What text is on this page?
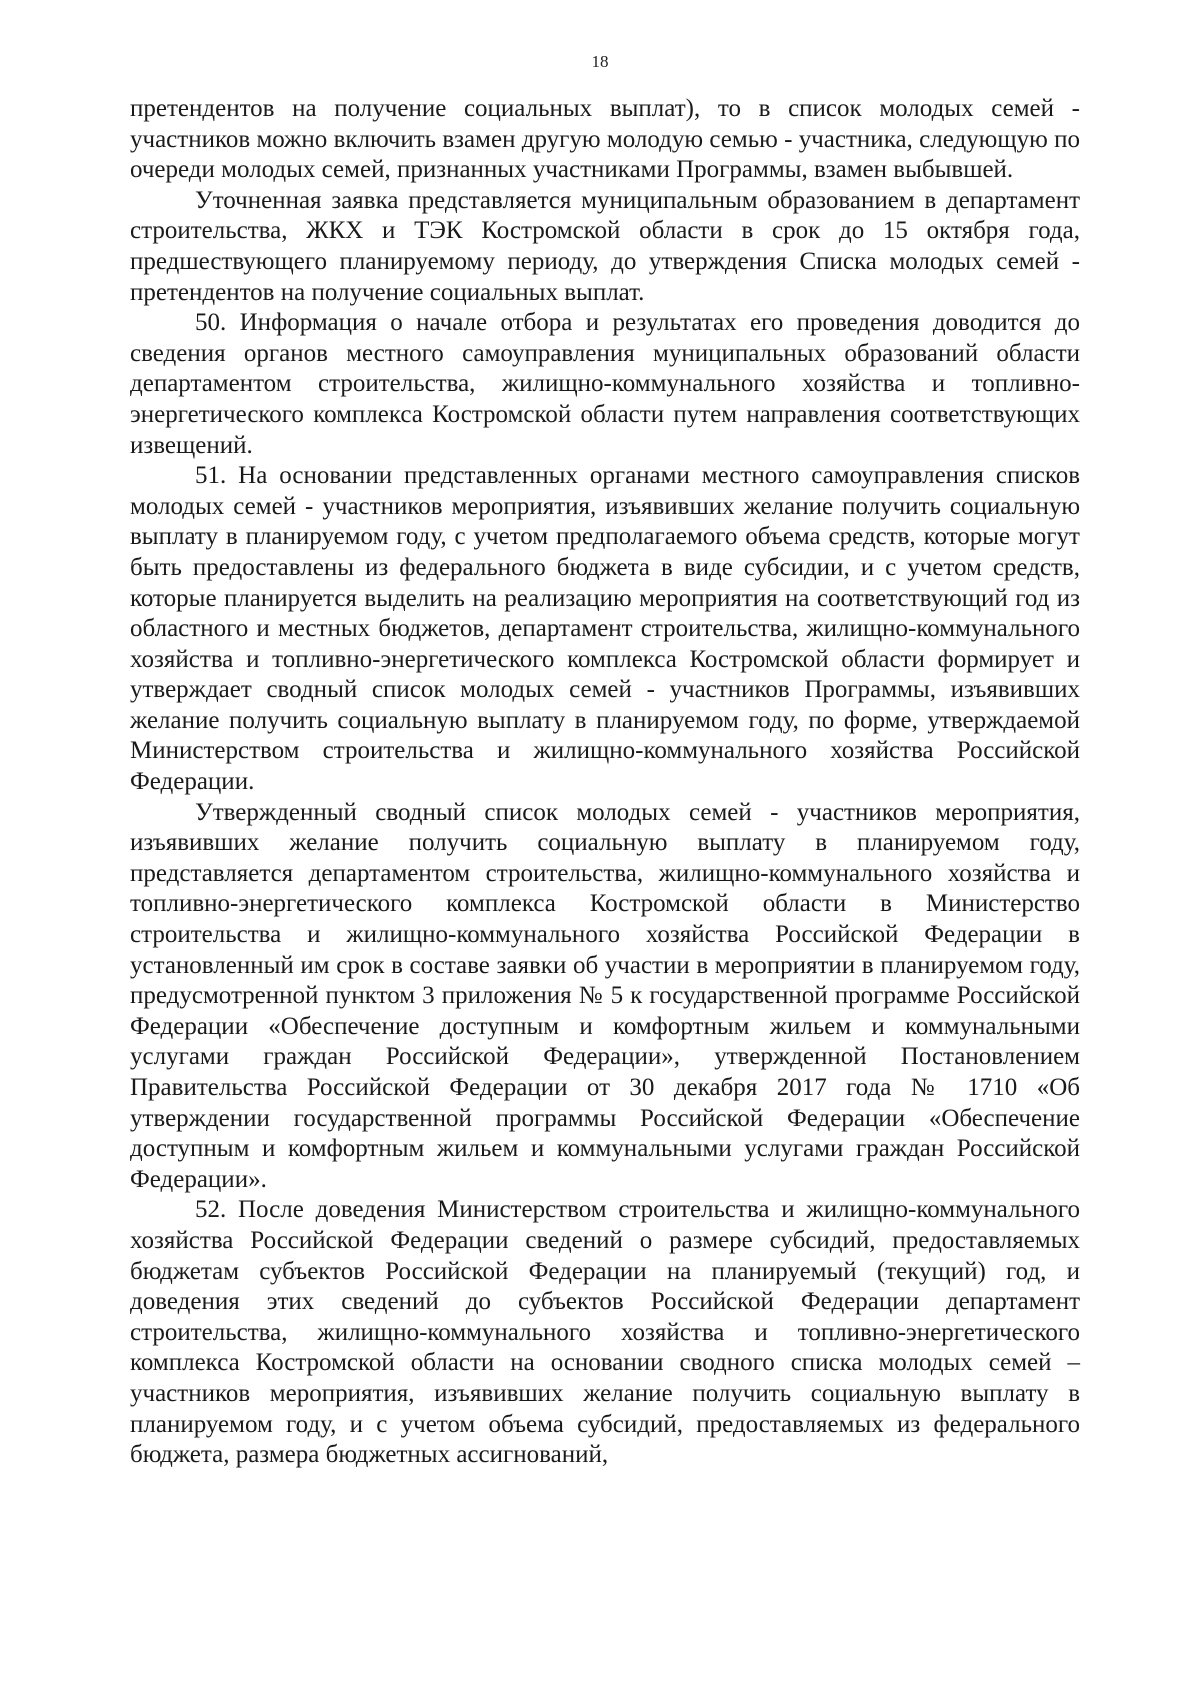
18

претендентов на получение социальных выплат), то в список молодых семей - участников можно включить взамен другую молодую семью - участника, следующую по очереди молодых семей, признанных участниками Программы, взамен выбывшей.

Уточненная заявка представляется муниципальным образованием в департамент строительства, ЖКХ и ТЭК Костромской области в срок до 15 октября года, предшествующего планируемому периоду, до утверждения Списка молодых семей - претендентов на получение социальных выплат.

50. Информация о начале отбора и результатах его проведения доводится до сведения органов местного самоуправления муниципальных образований области департаментом строительства, жилищно-коммунального хозяйства и топливно-энергетического комплекса Костромской области путем направления соответствующих извещений.

51. На основании представленных органами местного самоуправления списков молодых семей - участников мероприятия, изъявивших желание получить социальную выплату в планируемом году, с учетом предполагаемого объема средств, которые могут быть предоставлены из федерального бюджета в виде субсидии, и с учетом средств, которые планируется выделить на реализацию мероприятия на соответствующий год из областного и местных бюджетов, департамент строительства, жилищно-коммунального хозяйства и топливно-энергетического комплекса Костромской области формирует и утверждает сводный список молодых семей - участников Программы, изъявивших желание получить социальную выплату в планируемом году, по форме, утверждаемой Министерством строительства и жилищно-коммунального хозяйства Российской Федерации.

Утвержденный сводный список молодых семей - участников мероприятия, изъявивших желание получить социальную выплату в планируемом году, представляется департаментом строительства, жилищно-коммунального хозяйства и топливно-энергетического комплекса Костромской области в Министерство строительства и жилищно-коммунального хозяйства Российской Федерации в установленный им срок в составе заявки об участии в мероприятии в планируемом году, предусмотренной пунктом 3 приложения № 5 к государственной программе Российской Федерации «Обеспечение доступным и комфортным жильем и коммунальными услугами граждан Российской Федерации», утвержденной Постановлением Правительства Российской Федерации от 30 декабря 2017 года № 1710 «Об утверждении государственной программы Российской Федерации «Обеспечение доступным и комфортным жильем и коммунальными услугами граждан Российской Федерации».

52. После доведения Министерством строительства и жилищно-коммунального хозяйства Российской Федерации сведений о размере субсидий, предоставляемых бюджетам субъектов Российской Федерации на планируемый (текущий) год, и доведения этих сведений до субъектов Российской Федерации департамент строительства, жилищно-коммунального хозяйства и топливно-энергетического комплекса Костромской области на основании сводного списка молодых семей – участников мероприятия, изъявивших желание получить социальную выплату в планируемом году, и с учетом объема субсидий, предоставляемых из федерального бюджета, размера бюджетных ассигнований,
